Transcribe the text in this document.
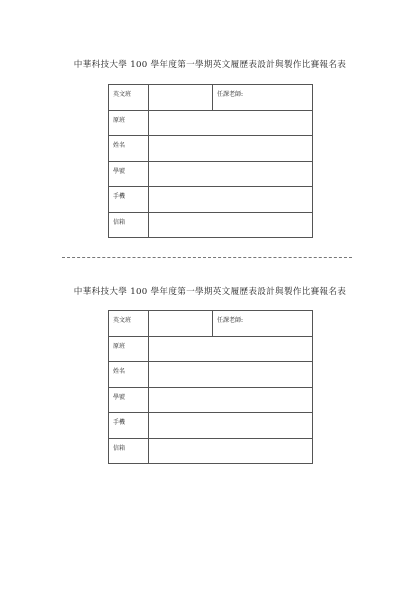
中華科技大學 100 學年度第一學期英文履歷表設計與製作比賽報名表
英文班		任課老師:
原班		
姓名		
學號		
手機		
信箱		
中華科技大學 100 學年度第一學期英文履歷表設計與製作比賽報名表
英文班		任課老師:
原班		
姓名		
學號		
手機		
信箱		
